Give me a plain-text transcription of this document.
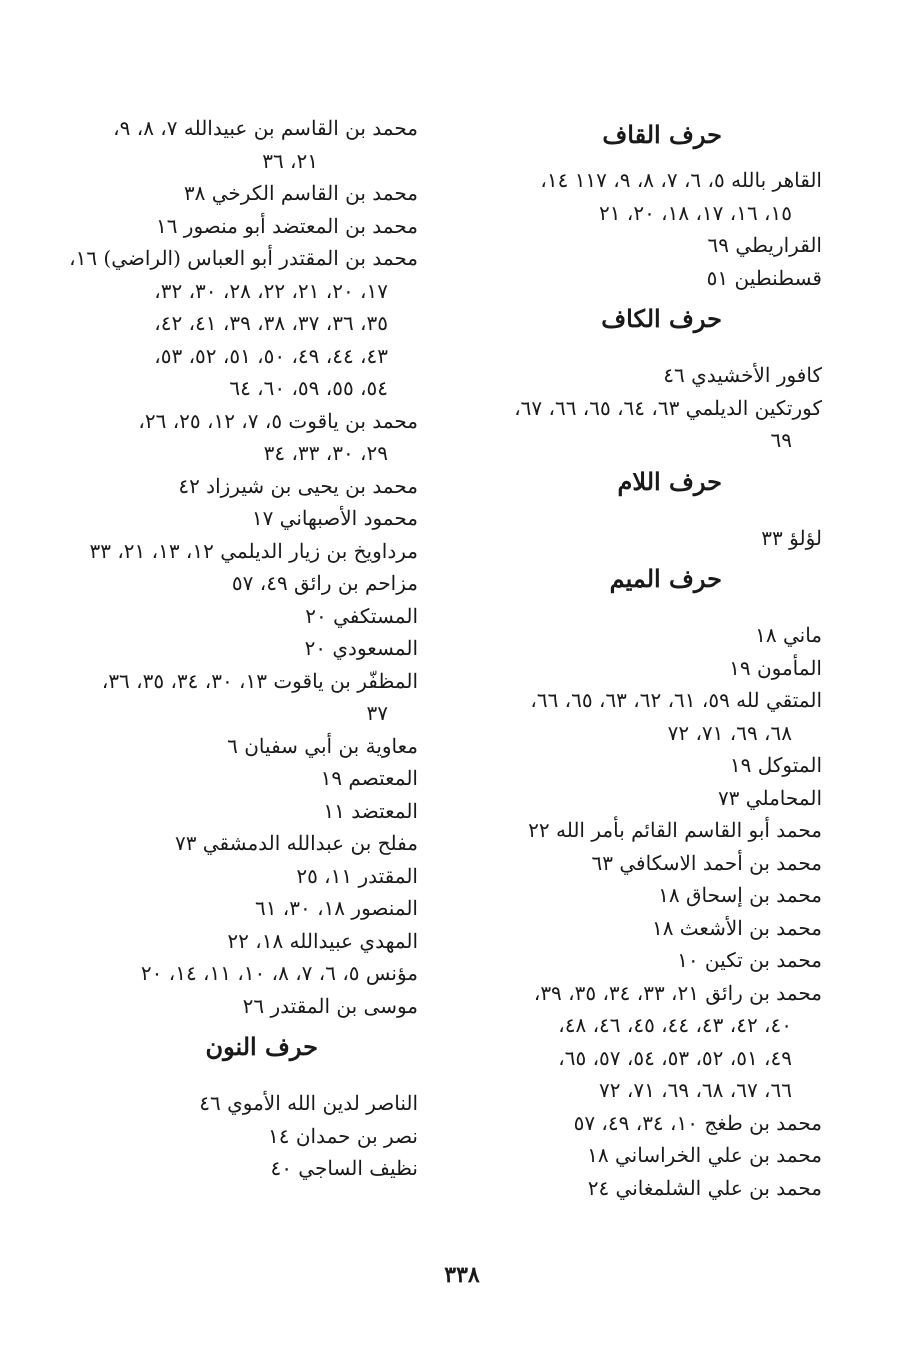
حرف القاف
القاهر بالله ٥، ٦، ٧، ٨، ٩، ١١٧ ١٤،
١٥، ١٦، ١٧، ١٨، ٢٠، ٢١
القراريطي ٦٩
قسطنطين ٥١
حرف الكاف
كافور الأخشيدي ٤٦
كورتكين الديلمي ٦٣، ٦٤، ٦٥، ٦٦، ٦٧،
٦٩
حرف اللام
لؤلؤ ٣٣
حرف الميم
ماني ١٨
المأمون ١٩
المتقي لله ٥٩، ٦١، ٦٢، ٦٣، ٦٥، ٦٦،
٦٨، ٦٩، ٧١، ٧٢
المتوكل ١٩
المحاملي ٧٣
محمد أبو القاسم القائم بأمر الله ٢٢
محمد بن أحمد الاسكافي ٦٣
محمد بن إسحاق ١٨
محمد بن الأشعث ١٨
محمد بن تكين ١٠
محمد بن رائق ٢١، ٣٣، ٣٤، ٣٥، ٣٩،
٤٠، ٤٢، ٤٣، ٤٤، ٤٥، ٤٦، ٤٨،
٤٩، ٥١، ٥٢، ٥٣، ٥٤، ٥٧، ٦٥،
٦٦، ٦٧، ٦٨، ٦٩، ٧١، ٧٢
محمد بن طغج ١٠، ٣٤، ٤٩، ٥٧
محمد بن علي الخراساني ١٨
محمد بن علي الشلمغاني ٢٤
محمد بن القاسم بن عبيدالله ٧، ٨، ٩،
٢١، ٣٦
محمد بن القاسم الكرخي ٣٨
محمد بن المعتضد أبو منصور ١٦
محمد بن المقتدر أبو العباس (الراضي) ١٦،
١٧، ٢٠، ٢١، ٢٢، ٢٨، ٣٠، ٣٢،
٣٥، ٣٦، ٣٧، ٣٨، ٣٩، ٤١، ٤٢،
٤٣، ٤٤، ٤٩، ٥٠، ٥١، ٥٢، ٥٣،
٥٤، ٥٥، ٥٩، ٦٠، ٦٤
محمد بن ياقوت ٥، ٧، ١٢، ٢٥، ٢٦،
٢٩، ٣٠، ٣٣، ٣٤
محمد بن يحيى بن شيرزاد ٤٢
محمود الأصبهاني ١٧
مرداويخ بن زيار الديلمي ١٢، ١٣، ٢١، ٣٣
مزاحم بن رائق ٤٩، ٥٧
المستكفي ٢٠
المسعودي ٢٠
المظفّر بن ياقوت ١٣، ٣٠، ٣٤، ٣٥، ٣٦،
٣٧
معاوية بن أبي سفيان ٦
المعتصم ١٩
المعتضد ١١
مفلح بن عبدالله الدمشقي ٧٣
المقتدر ١١، ٢٥
المنصور ١٨، ٣٠، ٦١
المهدي عبيدالله ١٨، ٢٢
مؤنس ٥، ٦، ٧، ٨، ١٠، ١١، ١٤، ٢٠
موسى بن المقتدر ٢٦
حرف النون
الناصر لدين الله الأموي ٤٦
نصر بن حمدان ١٤
نظيف الساجي ٤٠
٣٣٨
